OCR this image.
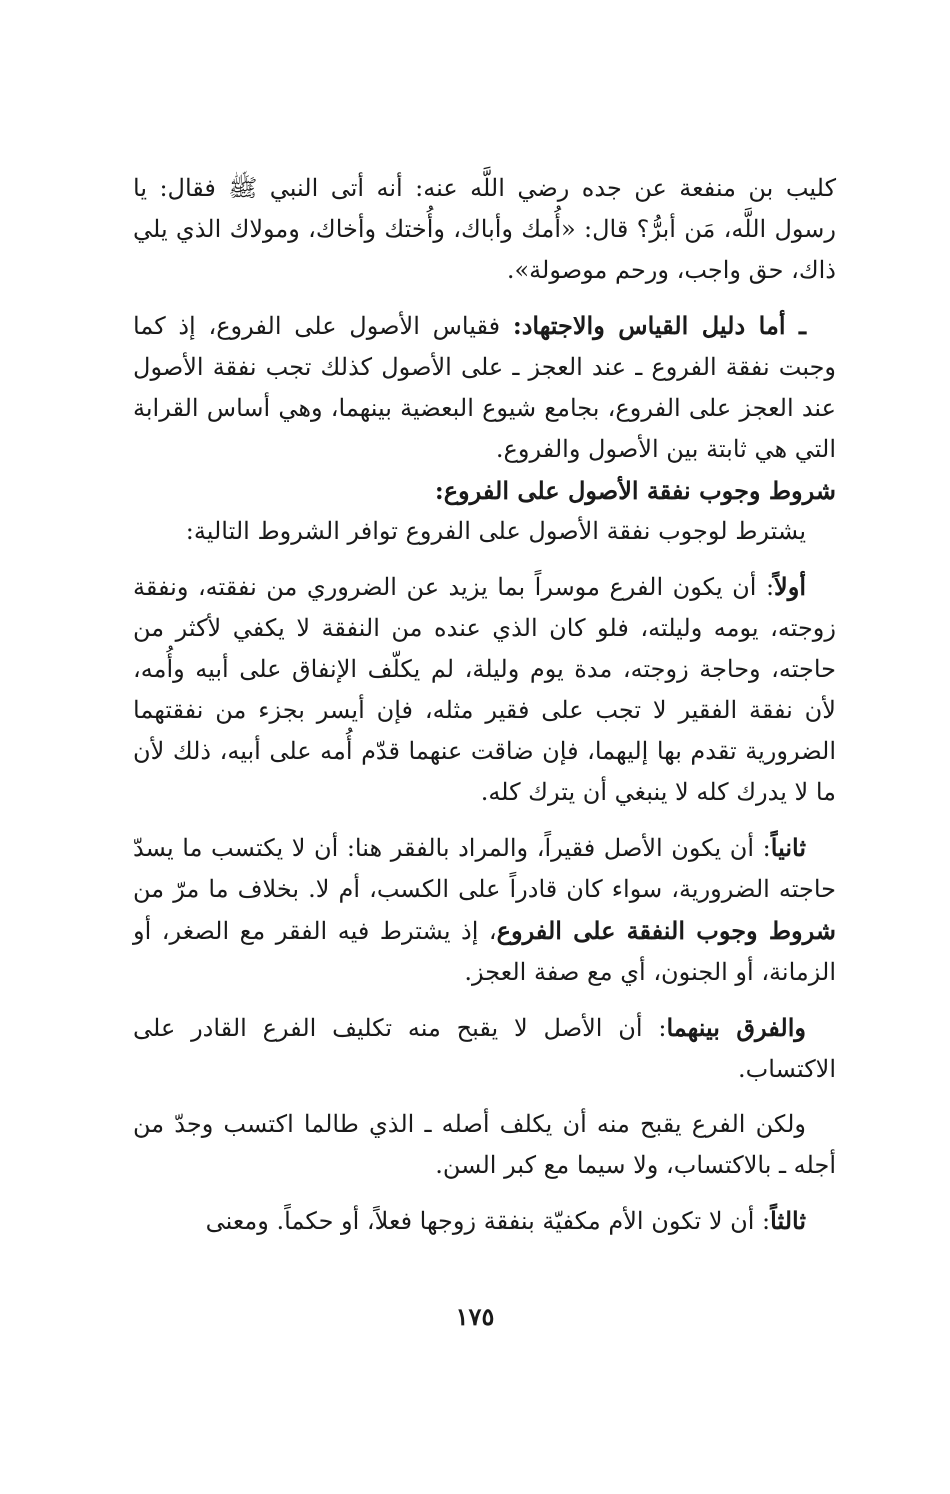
كليب بن منفعة عن جده رضي اللَّه عنه: أنه أتى النبي ﷺ فقال: يا رسول اللَّه، مَن أبرُّ؟ قال: «أُمك وأباك، وأُختك وأخاك، ومولاك الذي يلي ذاك، حق واجب، ورحم موصولة».

ـ أما دليل القياس والاجتهاد: فقياس الأصول على الفروع، إذ كما وجبت نفقة الفروع ـ عند العجز ـ على الأصول كذلك تجب نفقة الأصول عند العجز على الفروع، بجامع شيوع البعضية بينهما، وهي أساس القرابة التي هي ثابتة بين الأصول والفروع.

شروط وجوب نفقة الأصول على الفروع:

يشترط لوجوب نفقة الأصول على الفروع توافر الشروط التالية:

أولاً: أن يكون الفرع موسراً بما يزيد عن الضروري من نفقته، ونفقة زوجته، يومه وليلته، فلو كان الذي عنده من النفقة لا يكفي لأكثر من حاجته، وحاجة زوجته، مدة يوم وليلة، لم يكلّف الإنفاق على أبيه وأُمه، لأن نفقة الفقير لا تجب على فقير مثله، فإن أيسر بجزء من نفقتهما الضرورية تقدم بها إليهما، فإن ضاقت عنهما قدّم أُمه على أبيه، ذلك لأن ما لا يدرك كله لا ينبغي أن يترك كله.

ثانياً: أن يكون الأصل فقيراً، والمراد بالفقر هنا: أن لا يكتسب ما يسدّ حاجته الضرورية، سواء كان قادراً على الكسب، أم لا. بخلاف ما مرّ من شروط وجوب النفقة على الفروع، إذ يشترط فيه الفقر مع الصغر، أو الزمانة، أو الجنون، أي مع صفة العجز.

والفرق بينهما: أن الأصل لا يقبح منه تكليف الفرع القادر على الاكتساب.

ولكن الفرع يقبح منه أن يكلف أصله ـ الذي طالما اكتسب وجدّ من أجله ـ بالاكتساب، ولا سيما مع كبر السن.

ثالثاً: أن لا تكون الأم مكفيّة بنفقة زوجها فعلاً، أو حكماً. ومعنى

١٧٥
